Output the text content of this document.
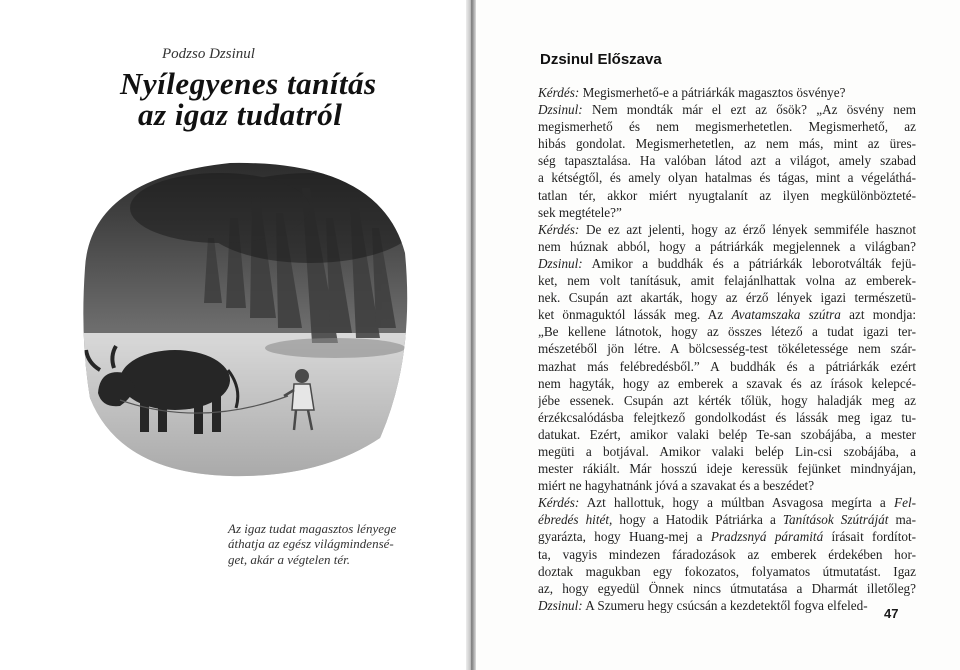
Podzso Dzsinul
Nyílegyenes tanítás
az igaz tudatról
Az igaz tudat magasztos lényege
áthatja az egész világmindensé-
get, akár a végtelen tér.
Dzsinul Előszava
Kérdés: Megismerhető-e a pátriárkák magasztos ösvénye?
Dzsinul: Nem mondták már el ezt az ősök? „Az ösvény nem
megismerhető és nem megismerhetetlen. Megismerhető, az
hibás gondolat. Megismerhetetlen, az nem más, mint az üres-
ség tapasztalása. Ha valóban látod azt a világot, amely szabad
a kétségtől, és amely olyan hatalmas és tágas, mint a végeláthá-
tatlan tér, akkor miért nyugtalanít az ilyen megkülönbözteté-
sek megtétele?”
Kérdés: De ez azt jelenti, hogy az érző lények semmiféle hasznot
nem húznak abból, hogy a pátriárkák megjelennek a világban?
Dzsinul: Amikor a buddhák és a pátriárkák leborotválták fejü-
ket, nem volt tanításuk, amit felajánlhattak volna az emberek-
nek. Csupán azt akarták, hogy az érző lények igazi természetü-
ket önmaguktól lássák meg. Az Avatamszaka szútra azt mondja:
„Be kellene látnotok, hogy az összes létező a tudat igazi ter-
mészetéből jön létre. A bölcsesség-test tökéletessége nem szár-
mazhat más felébredésből.” A buddhák és a pátriárkák ezért
nem hagyták, hogy az emberek a szavak és az írások kelepcé-
jébe essenek. Csupán azt kérték tőlük, hogy haladják meg az
érzékcsalódásba felejtkező gondolkodást és lássák meg igaz tu-
datukat. Ezért, amikor valaki belép Te-san szobájába, a mester
megüti a botjával. Amikor valaki belép Lin-csi szobájába, a
mester rákiált. Már hosszú ideje keressük fejünket mindnyájan,
miért ne hagyhatnánk jóvá a szavakat és a beszédet?
Kérdés: Azt hallottuk, hogy a múltban Asvagosa megírta a Fel-
ébredés hitét, hogy a Hatodik Pátriárka a Tanítások Szútráját ma-
gyarázta, hogy Huang-mej a Pradzsnyá páramitá írásait fordítot-
ta, vagyis mindezen fáradozások az emberek érdekében hor-
doztak magukban egy fokozatos, folyamatos útmutatást. Igaz
az, hogy egyedül Önnek nincs útmutatása a Dharmát illetőleg?
Dzsinul: A Szumeru hegy csúcsán a kezdetektől fogva elfeled-
47
